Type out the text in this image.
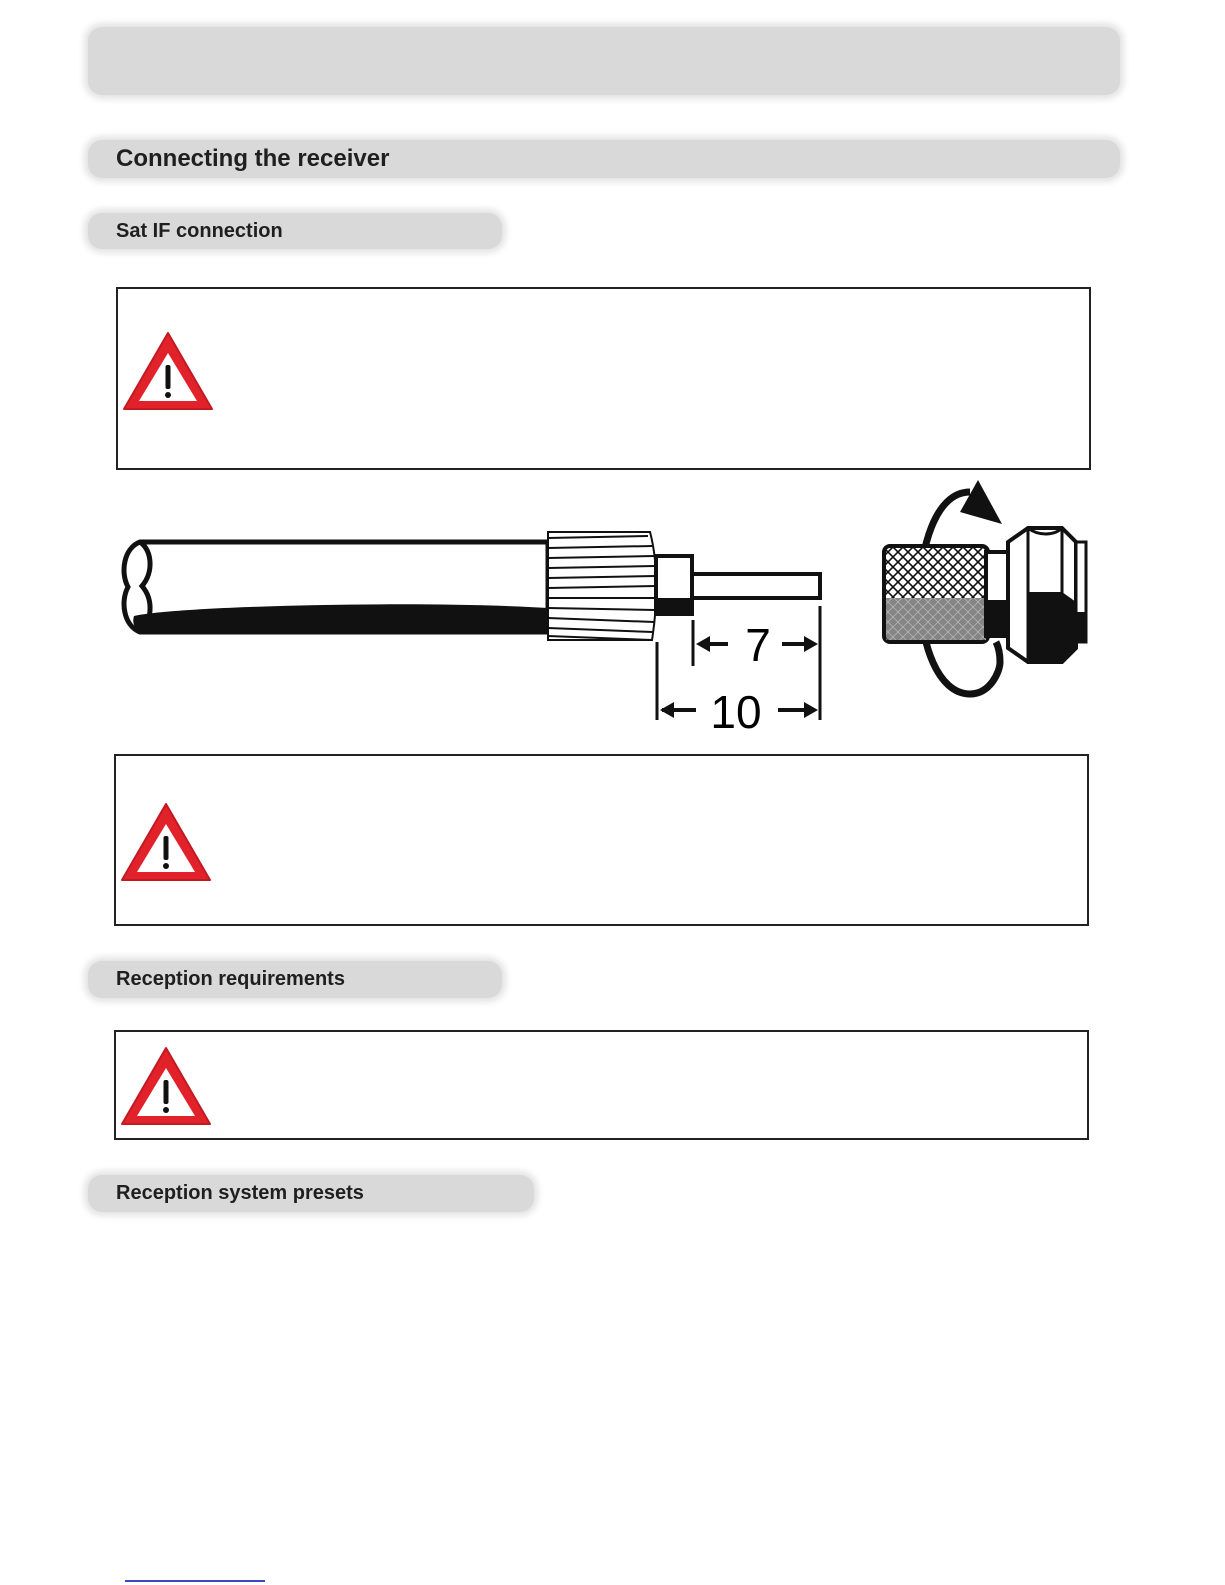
Connecting the receiver
Sat IF connection
7
10
Reception requirements
Reception system presets
